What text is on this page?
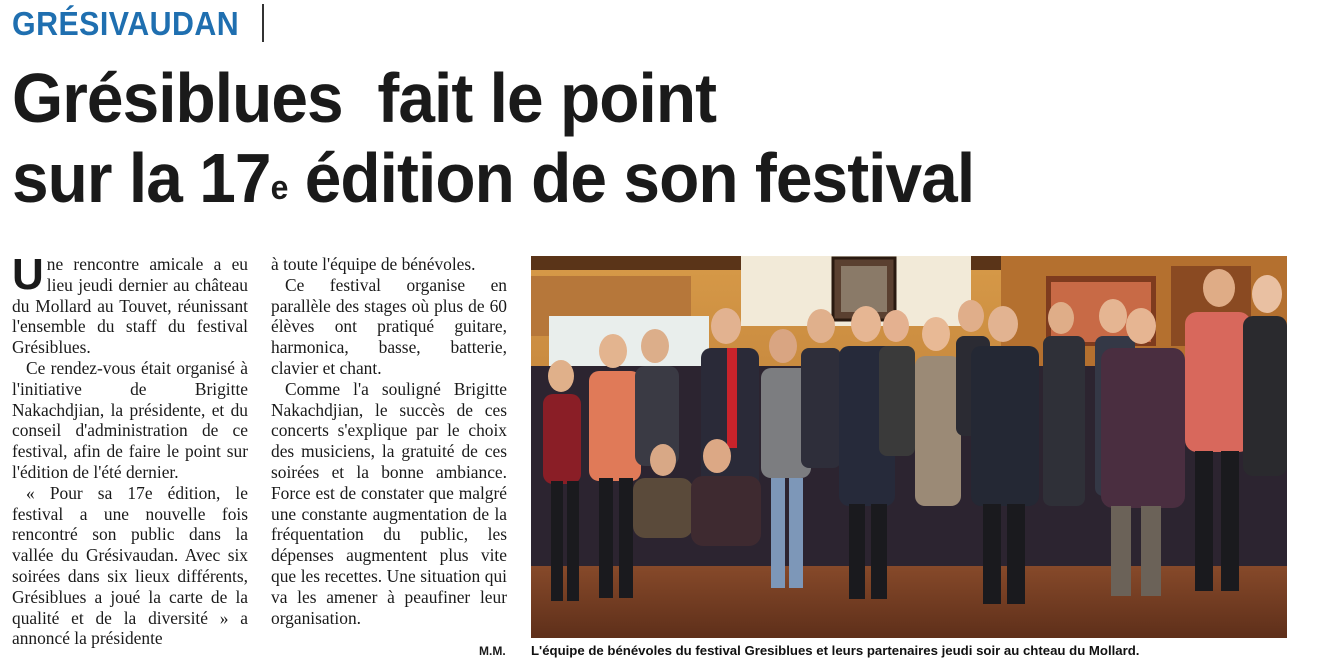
GRÉSIVAUDAN
Grésiblues  fait le point
sur la 17e édition de son festival

Une rencontre amicale a eu lieu jeudi dernier au château du Mollard au Touvet, réunissant l'ensemble du staff du festival Grésiblues.

Ce rendez-vous était organisé à l'initiative de Brigitte Nakachdjian, la présidente, et du conseil d'administration de ce festival, afin de faire le point sur l'édition de l'été dernier.

« Pour sa 17e édition, le festival a une nouvelle fois rencontré son public dans la vallée du Grésivaudan. Avec six soirées dans six lieux différents, Grésiblues a joué la carte de la qualité et de la diversité » a annoncé la présidente

à toute l'équipe de bénévoles.

Ce festival organise en parallèle des stages où plus de 60 élèves ont pratiqué guitare, harmonica, basse, batterie, clavier et chant.

Comme l'a souligné Brigitte Nakachdjian, le succès de ces concerts s'explique par le choix des musiciens, la gratuité de ces soirées et la bonne ambiance. Force est de constater que malgré une constante augmentation de la fréquentation du public, les dépenses augmentent plus vite que les recettes. Une situation qui va les amener à peaufiner leur organisation.

M.M. L'équipe de bénévoles du festival Gresiblues et leurs partenaires jeudi soir au chteau du Mollard.
